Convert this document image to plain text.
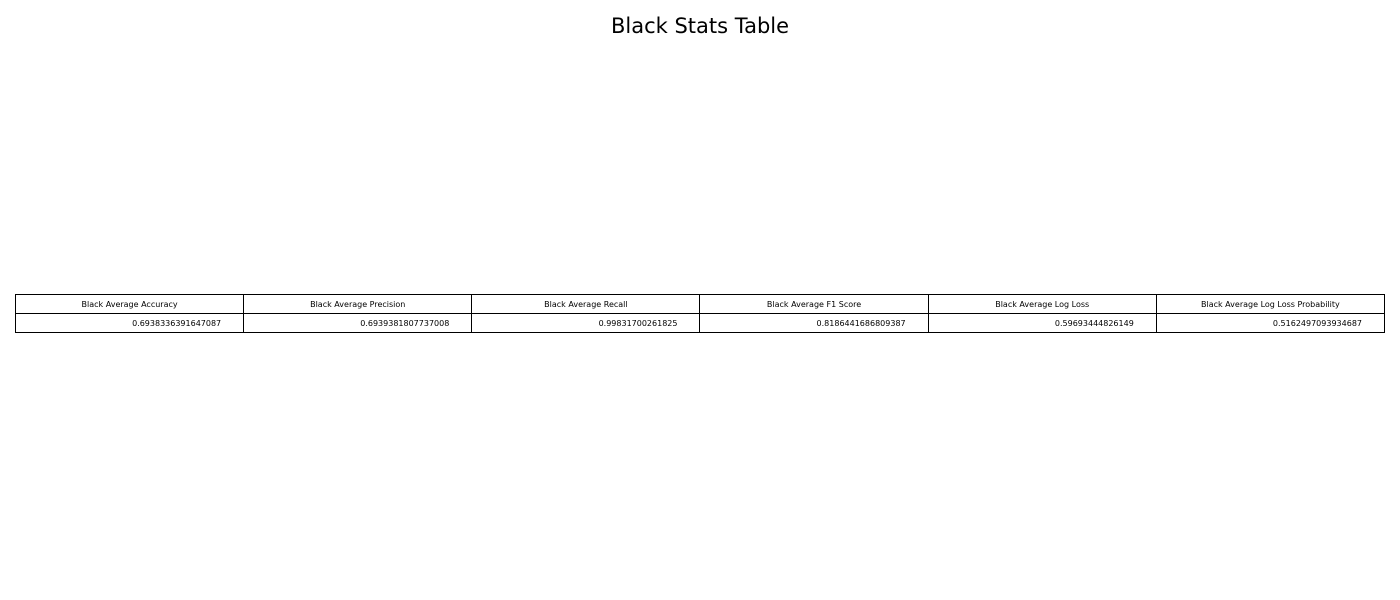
Black Stats Table
Black Average Accuracy	Black Average Precision	Black Average Recall	Black Average F1 Score	Black Average Log Loss	Black Average Log Loss Probability
0.6938336391647087	0.6939381807737008	0.99831700261825	0.8186441686809387	0.59693444826149	0.5162497093934687
